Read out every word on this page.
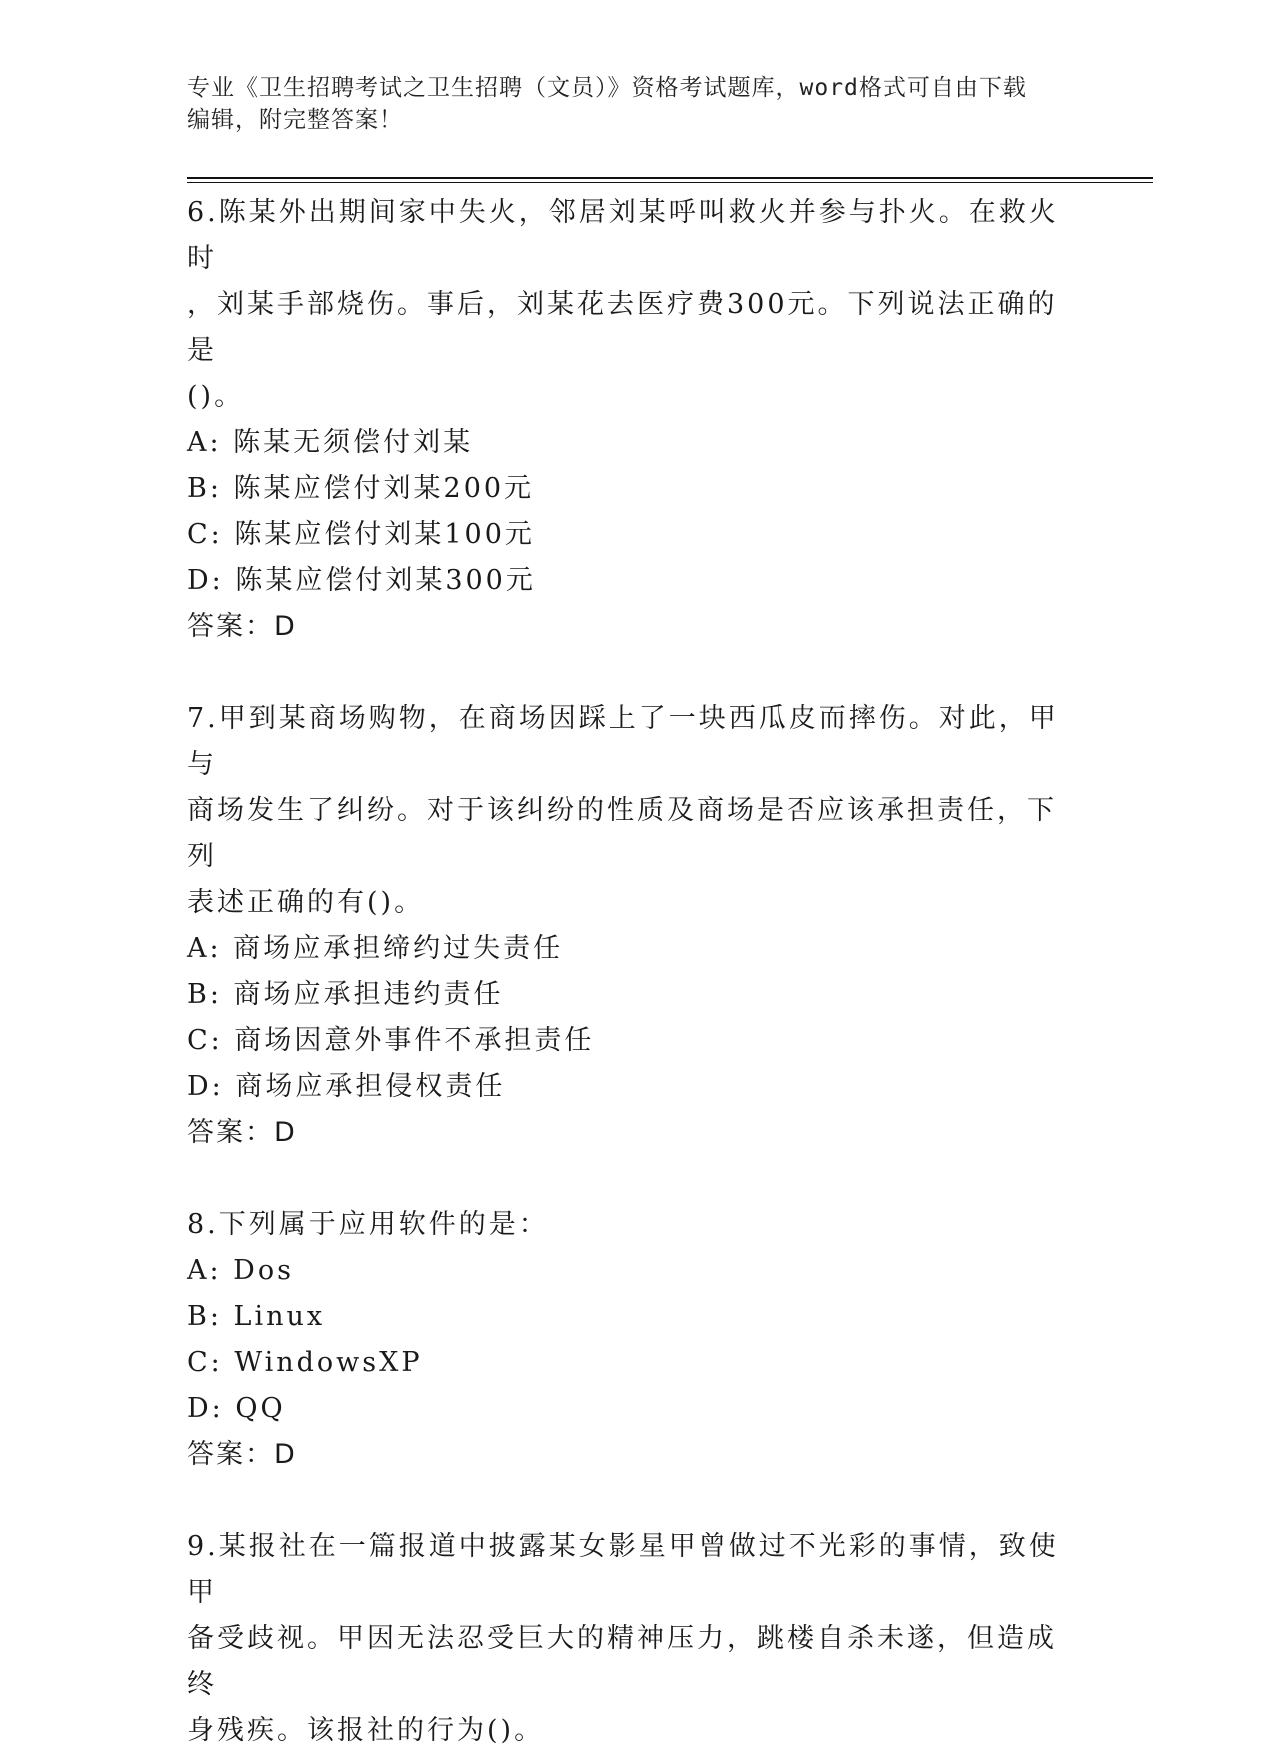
专业《卫生招聘考试之卫生招聘（文员）》资格考试题库，word格式可自由下载
编辑，附完整答案！

6.陈某外出期间家中失火，邻居刘某呼叫救火并参与扑火。在救火时

，刘某手部烧伤。事后，刘某花去医疗费300元。下列说法正确的是

()。

A: 陈某无须偿付刘某

B: 陈某应偿付刘某200元

C: 陈某应偿付刘某100元

D: 陈某应偿付刘某300元

答案：D

7.甲到某商场购物，在商场因踩上了一块西瓜皮而摔伤。对此，甲与

商场发生了纠纷。对于该纠纷的性质及商场是否应该承担责任，下列

表述正确的有()。

A: 商场应承担缔约过失责任

B: 商场应承担违约责任

C: 商场因意外事件不承担责任

D: 商场应承担侵权责任

答案：D

8.下列属于应用软件的是：

A: Dos

B: Linux

C: WindowsXP

D: QQ

答案：D

9.某报社在一篇报道中披露某女影星甲曾做过不光彩的事情，致使甲

备受歧视。甲因无法忍受巨大的精神压力，跳楼自杀未遂，但造成终

身残疾。该报社的行为()。
